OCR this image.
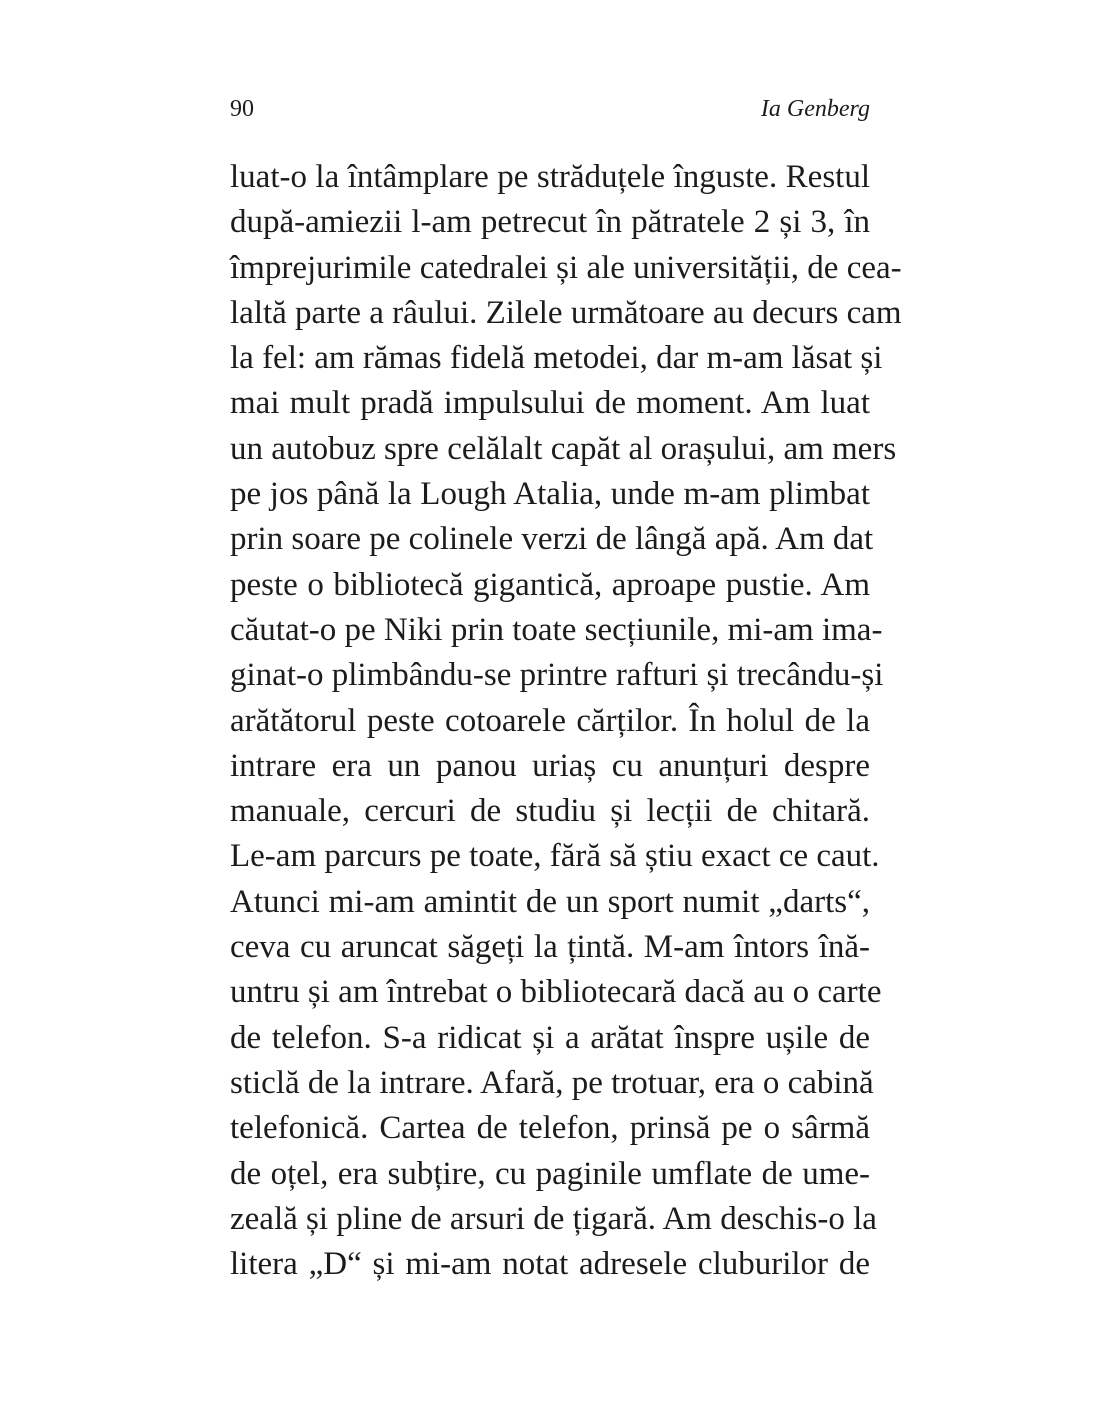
90	Ia Genberg
luat-o la întâmplare pe străduțele înguste. Restul
după-amiezii l-am petrecut în pătratele 2 și 3, în
împrejurimile catedralei și ale universității, de cea-
laltă parte a râului. Zilele următoare au decurs cam
la fel: am rămas fidelă metodei, dar m-am lăsat și
mai mult pradă impulsului de moment. Am luat
un autobuz spre celălalt capăt al orașului, am mers
pe jos până la Lough Atalia, unde m-am plimbat
prin soare pe colinele verzi de lângă apă. Am dat
peste o bibliotecă gigantică, aproape pustie. Am
căutat-o pe Niki prin toate secțiunile, mi-am ima-
ginat-o plimbându-se printre rafturi și trecându-și
arătătorul peste cotoarele cărților. În holul de la
intrare era un panou uriaș cu anunțuri despre
manuale, cercuri de studiu și lecții de chitară.
Le-am parcurs pe toate, fără să știu exact ce caut.
Atunci mi-am amintit de un sport numit „darts“,
ceva cu aruncat săgeți la țintă. M-am întors înă-
untru și am întrebat o bibliotecară dacă au o carte
de telefon. S-a ridicat și a arătat înspre ușile de
sticlă de la intrare. Afară, pe trotuar, era o cabină
telefonică. Cartea de telefon, prinsă pe o sârmă
de oțel, era subțire, cu paginile umflate de ume-
zeală și pline de arsuri de țigară. Am deschis-o la
litera „D“ și mi-am notat adresele cluburilor de
